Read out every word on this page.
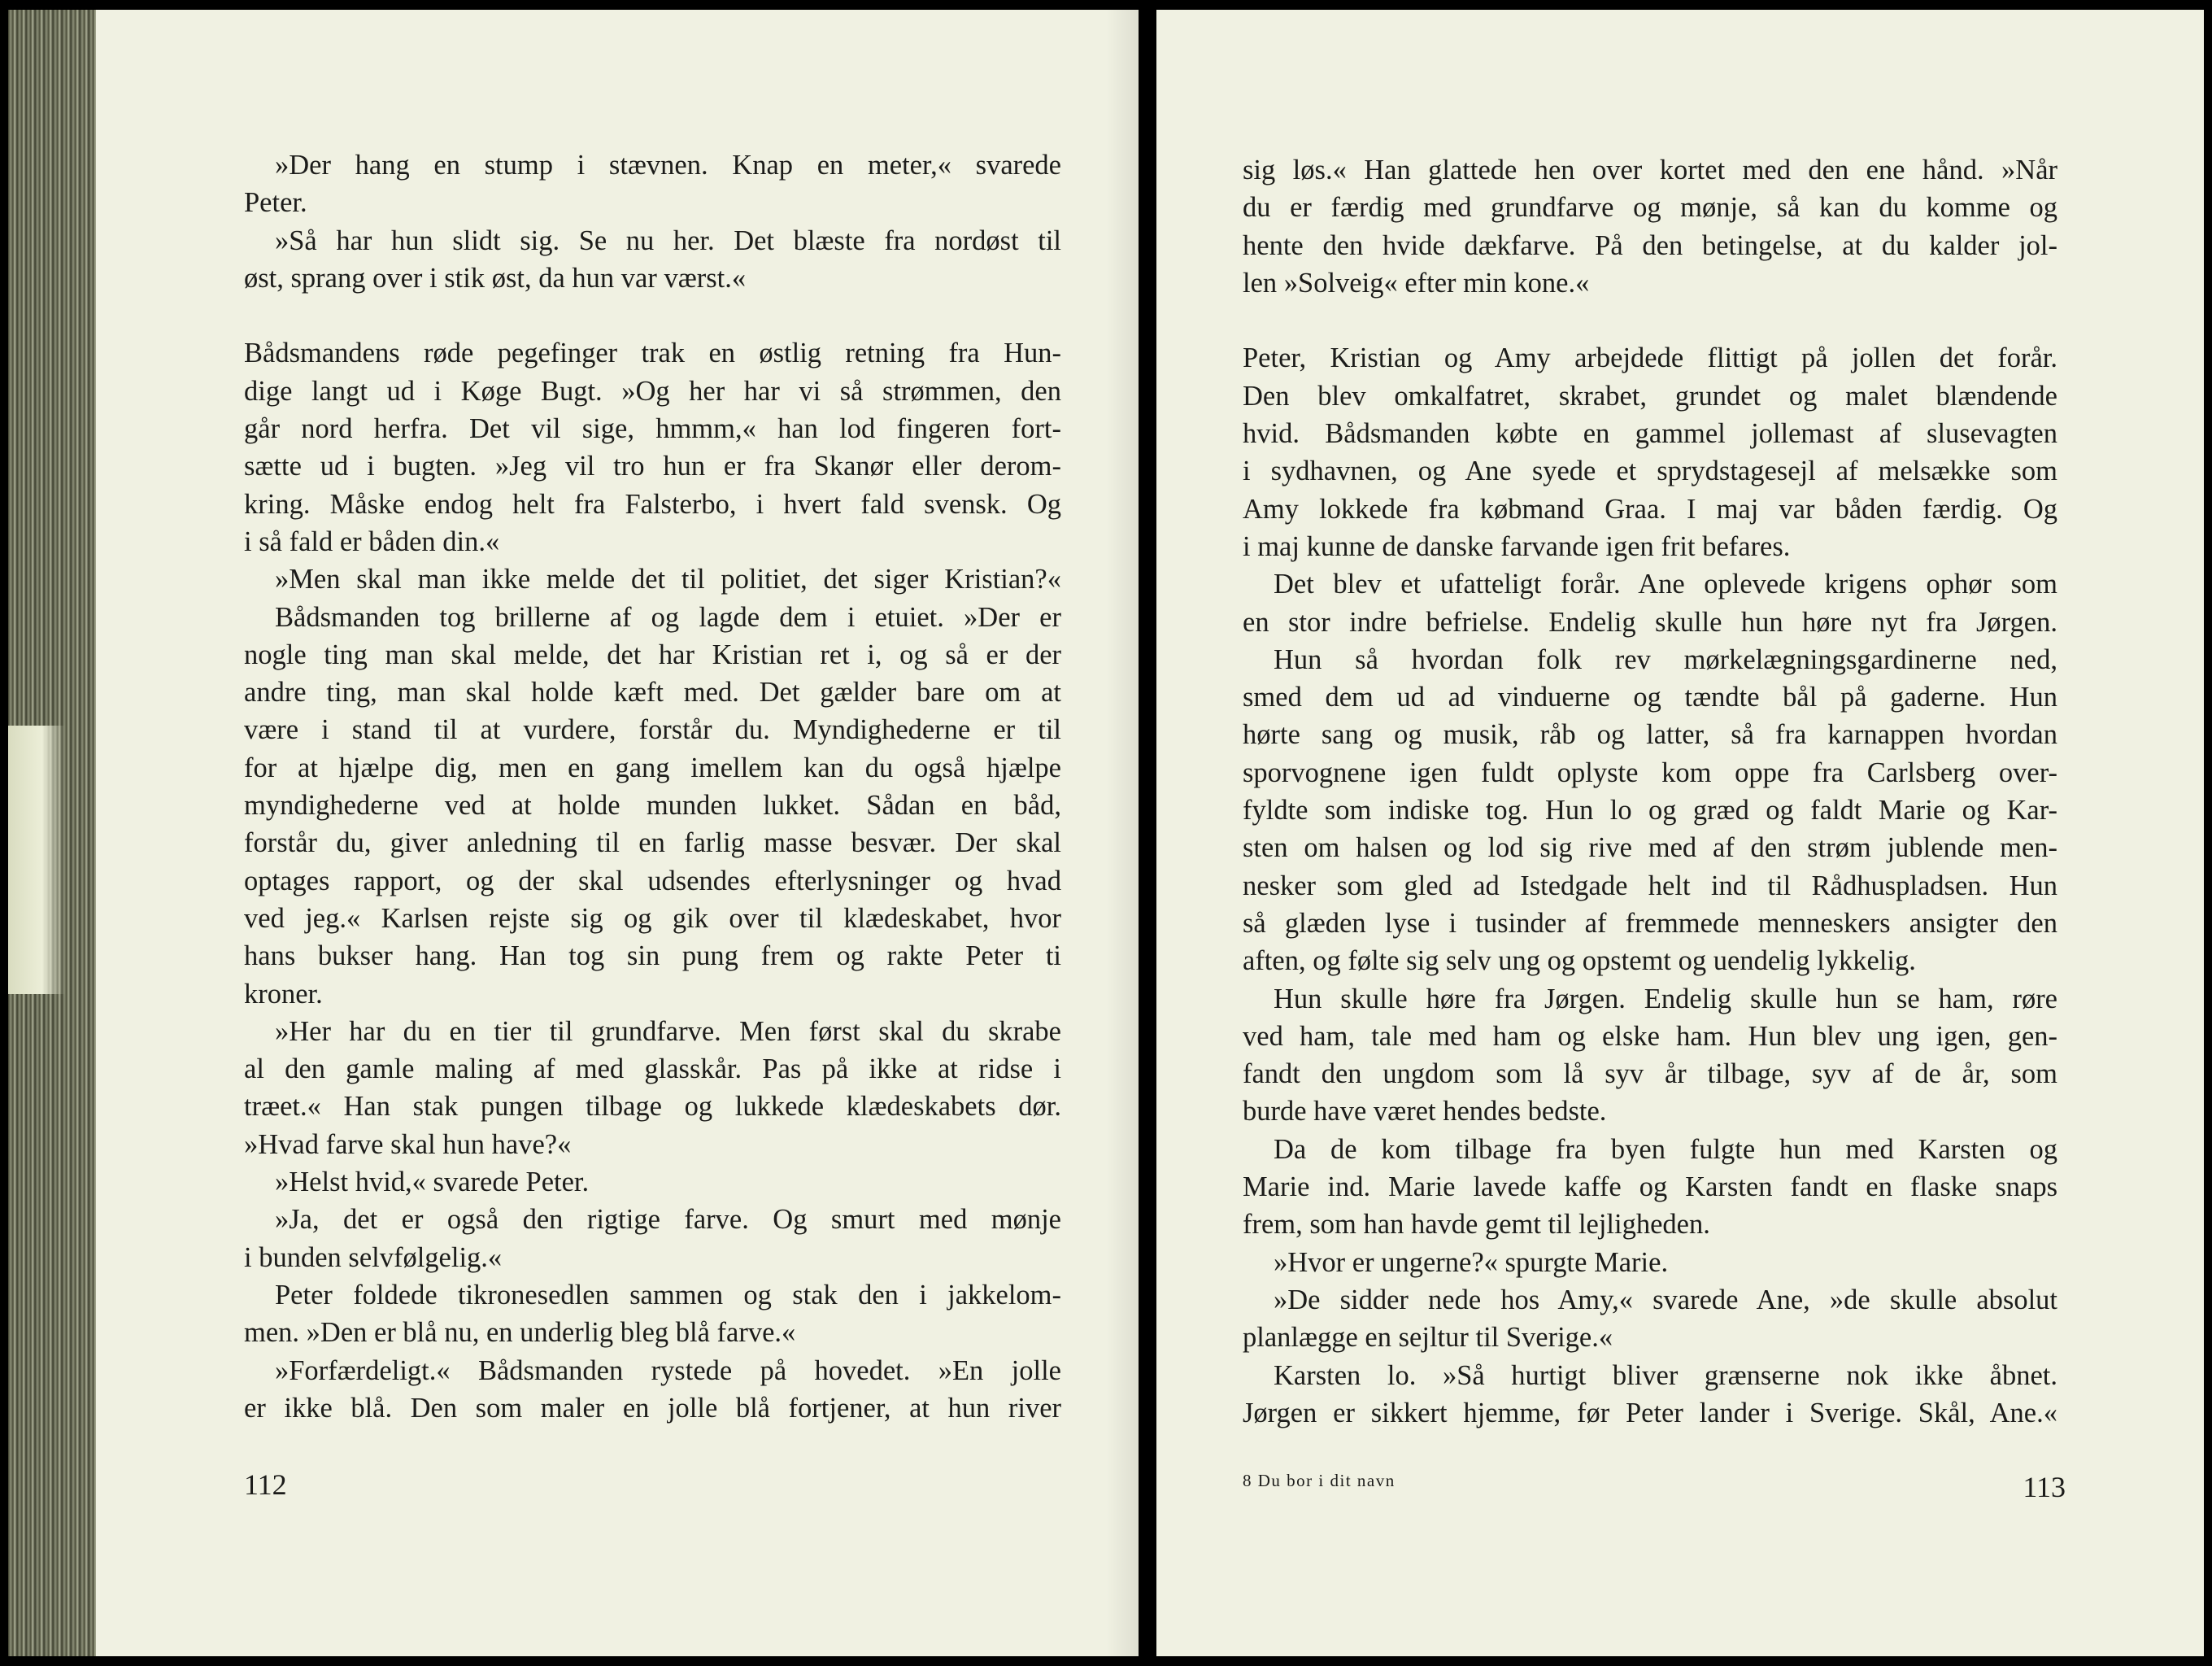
»Der hang en stump i stævnen. Knap en meter,« svarede
Peter.
»Så har hun slidt sig. Se nu her. Det blæste fra nordøst til
øst, sprang over i stik øst, da hun var værst.«
Bådsmandens røde pegefinger trak en østlig retning fra Hun-
dige langt ud i Køge Bugt. »Og her har vi så strømmen, den
går nord herfra. Det vil sige, hmmm,« han lod fingeren fort-
sætte ud i bugten. »Jeg vil tro hun er fra Skanør eller derom-
kring. Måske endog helt fra Falsterbo, i hvert fald svensk. Og
i så fald er båden din.«
»Men skal man ikke melde det til politiet, det siger Kristian?«
Bådsmanden tog brillerne af og lagde dem i etuiet. »Der er
nogle ting man skal melde, det har Kristian ret i, og så er der
andre ting, man skal holde kæft med. Det gælder bare om at
være i stand til at vurdere, forstår du. Myndighederne er til
for at hjælpe dig, men en gang imellem kan du også hjælpe
myndighederne ved at holde munden lukket. Sådan en båd,
forstår du, giver anledning til en farlig masse besvær. Der skal
optages rapport, og der skal udsendes efterlysninger og hvad
ved jeg.« Karlsen rejste sig og gik over til klædeskabet, hvor
hans bukser hang. Han tog sin pung frem og rakte Peter ti
kroner.
»Her har du en tier til grundfarve. Men først skal du skrabe
al den gamle maling af med glasskår. Pas på ikke at ridse i
træet.« Han stak pungen tilbage og lukkede klædeskabets dør.
»Hvad farve skal hun have?«
»Helst hvid,« svarede Peter.
»Ja, det er også den rigtige farve. Og smurt med mønje
i bunden selvfølgelig.«
Peter foldede tikronesedlen sammen og stak den i jakkelom-
men. »Den er blå nu, en underlig bleg blå farve.«
»Forfærdeligt.« Bådsmanden rystede på hovedet. »En jolle
er ikke blå. Den som maler en jolle blå fortjener, at hun river
112
sig løs.« Han glattede hen over kortet med den ene hånd. »Når
du er færdig med grundfarve og mønje, så kan du komme og
hente den hvide dækfarve. På den betingelse, at du kalder jol-
len »Solveig« efter min kone.«
Peter, Kristian og Amy arbejdede flittigt på jollen det forår.
Den blev omkalfatret, skrabet, grundet og malet blændende
hvid. Bådsmanden købte en gammel jollemast af slusevagten
i sydhavnen, og Ane syede et sprydstagesejl af melsække som
Amy lokkede fra købmand Graa. I maj var båden færdig. Og
i maj kunne de danske farvande igen frit befares.
Det blev et ufatteligt forår. Ane oplevede krigens ophør som
en stor indre befrielse. Endelig skulle hun høre nyt fra Jørgen.
Hun så hvordan folk rev mørkelægningsgardinerne ned,
smed dem ud ad vinduerne og tændte bål på gaderne. Hun
hørte sang og musik, råb og latter, så fra karnappen hvordan
sporvognene igen fuldt oplyste kom oppe fra Carlsberg over-
fyldte som indiske tog. Hun lo og græd og faldt Marie og Kar-
sten om halsen og lod sig rive med af den strøm jublende men-
nesker som gled ad Istedgade helt ind til Rådhuspladsen. Hun
så glæden lyse i tusinder af fremmede menneskers ansigter den
aften, og følte sig selv ung og opstemt og uendelig lykkelig.
Hun skulle høre fra Jørgen. Endelig skulle hun se ham, røre
ved ham, tale med ham og elske ham. Hun blev ung igen, gen-
fandt den ungdom som lå syv år tilbage, syv af de år, som
burde have været hendes bedste.
Da de kom tilbage fra byen fulgte hun med Karsten og
Marie ind. Marie lavede kaffe og Karsten fandt en flaske snaps
frem, som han havde gemt til lejligheden.
»Hvor er ungerne?« spurgte Marie.
»De sidder nede hos Amy,« svarede Ane, »de skulle absolut
planlægge en sejltur til Sverige.«
Karsten lo. »Så hurtigt bliver grænserne nok ikke åbnet.
Jørgen er sikkert hjemme, før Peter lander i Sverige. Skål, Ane.«
8 Du bor i dit navn	113
